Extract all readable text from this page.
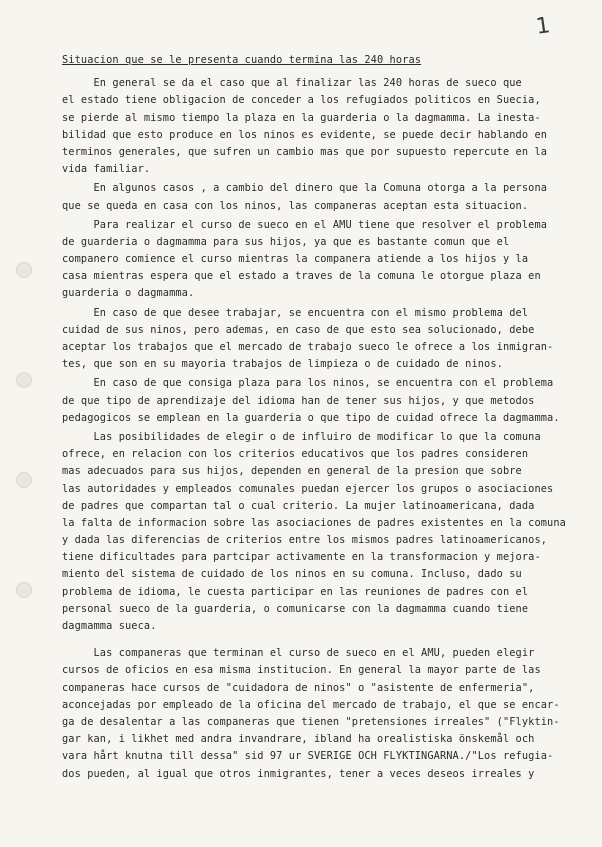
1
Situacion que se le presenta cuando termina las 240 horas
En general se da el caso que al finalizar las 240 horas de sueco que
el estado tiene obligacion de conceder a los refugiados politicos en Suecia,
se pierde al mismo tiempo la plaza en la guarderia o la dagmamma. La inesta-
bilidad que esto produce en los ninos es evidente, se puede decir hablando en
terminos generales, que sufren un cambio mas que por supuesto repercute en la
vida familiar.
En algunos casos , a cambio del dinero que la Comuna otorga a la persona
que se queda en casa con los ninos, las companeras aceptan esta situacion.
Para realizar el curso de sueco en el AMU tiene que resolver el problema
de guarderia o dagmamma para sus hijos, ya que es bastante comun que el
companero comience el curso mientras la companera atiende a los hijos y la
casa mientras espera que el estado a traves de la comuna le otorgue plaza en
guarderia o dagmamma.
En caso de que desee trabajar, se encuentra con el mismo problema del
cuidad de sus ninos, pero ademas, en caso de que esto sea solucionado, debe
aceptar los trabajos que el mercado de trabajo sueco le ofrece a los inmigran-
tes, que son en su mayoria trabajos de limpieza o de cuidado de ninos.
En caso de que consiga plaza para los ninos, se encuentra con el problema
de que tipo de aprendizaje del idioma han de tener sus hijos, y que metodos
pedagogicos se emplean en la guarderia o que tipo de cuidad ofrece la dagmamma.
Las posibilidades de elegir o de influiro de modificar lo que la comuna
ofrece, en relacion con los criterios educativos que los padres consideren
mas adecuados para sus hijos, dependen en general de la presion que sobre
las autoridades y empleados comunales puedan ejercer los grupos o asociaciones
de padres que compartan tal o cual criterio. La mujer latinoamericana, dada
la falta de informacion sobre las asociaciones de padres existentes en la comuna
y dada las diferencias de criterios entre los mismos padres latinoamericanos,
tiene dificultades para partcipar activamente en la transformacion y mejora-
miento del sistema de cuidado de los ninos en su comuna. Incluso, dado su
problema de idioma, le cuesta participar en las reuniones de padres con el
personal sueco de la guarderia, o comunicarse con la dagmamma cuando tiene
dagmamma sueca.
Las companeras que terminan el curso de sueco en el AMU, pueden elegir
cursos de oficios en esa misma institucion. En general la mayor parte de las
companeras hace cursos de "cuidadora de ninos" o "asistente de enfermeria",
aconcejadas por empleado de la oficina del mercado de trabajo, el que se encar-
ga de desalentar a las companeras que tienen "pretensiones irreales" ("Flyktin-
gar kan, i likhet med andra invandrare, ibland ha orealistiska önskemål och
vara hårt knutna till dessa" sid 97 ur SVERIGE OCH FLYKTINGARNA./"Los refugia-
dos pueden, al igual que otros inmigrantes, tener a veces deseos irreales y
